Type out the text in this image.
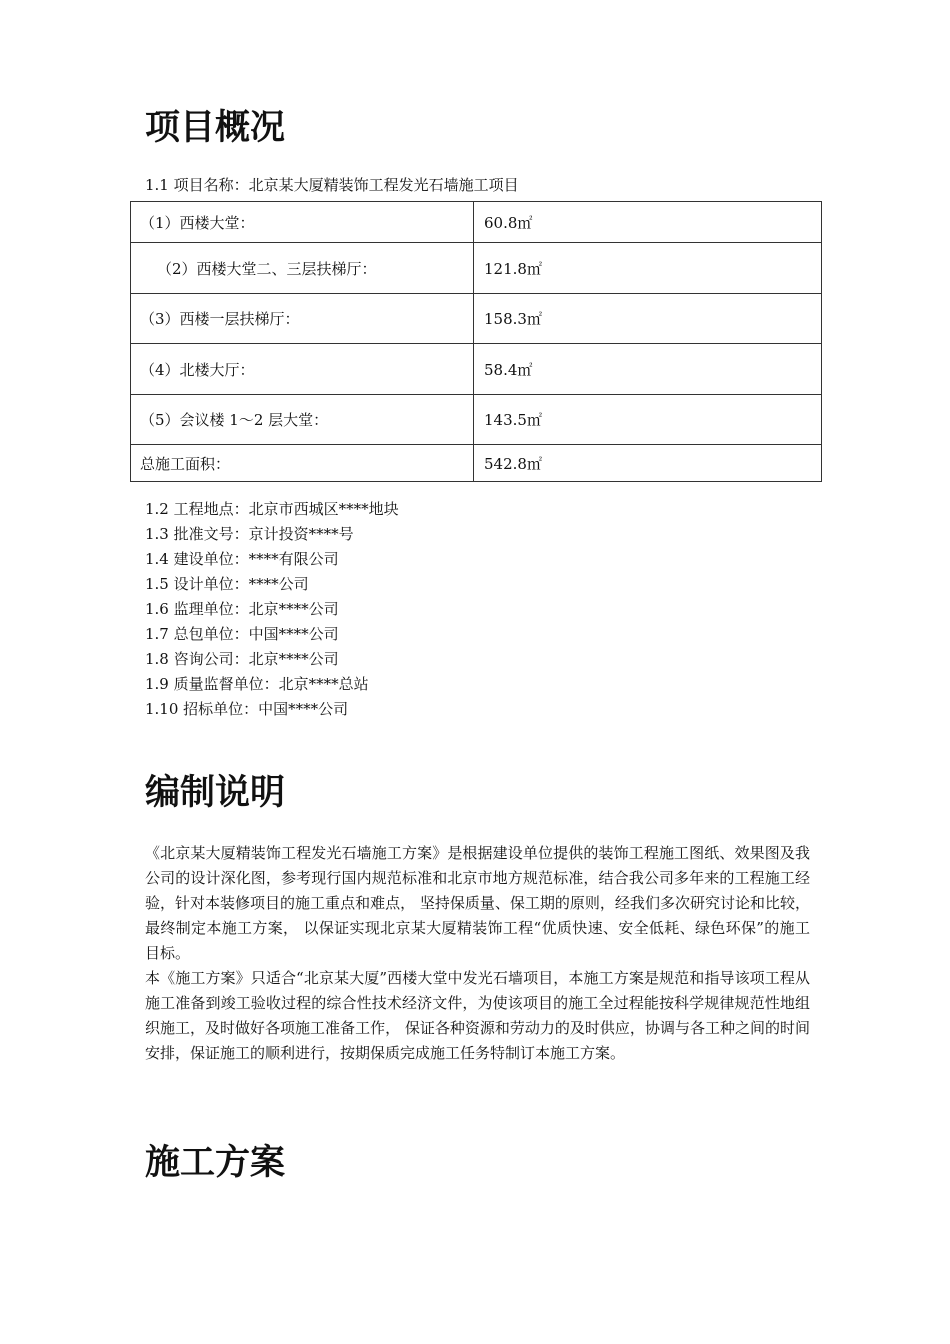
项目概况
1.1 项目名称：北京某大厦精装饰工程发光石墙施工项目
（1）西楼大堂：	60.8㎡
（2）西楼大堂二、三层扶梯厅：	121.8㎡
（3）西楼一层扶梯厅：	158.3㎡
（4）北楼大厅：	58.4㎡
（5）会议楼 1～2 层大堂：	143.5㎡
总施工面积：	542.8㎡
1.2 工程地点：北京市西城区****地块
1.3 批准文号：京计投资****号
1.4 建设单位：****有限公司
1.5 设计单位：****公司
1.6 监理单位：北京****公司
1.7 总包单位：中国****公司
1.8 咨询公司：北京****公司
1.9 质量监督单位：北京****总站
1.10 招标单位：中国****公司
编制说明

《北京某大厦精装饰工程发光石墙施工方案》是根据建设单位提供的装饰工程施工图纸、效果图及我公司的设计深化图，参考现行国内规范标准和北京市地方规范标准，结合我公司多年来的工程施工经验，针对本装修项目的施工重点和难点， 坚持保质量、保工期的原则，经我们多次研究讨论和比较，最终制定本施工方案， 以保证实现北京某大厦精装饰工程“优质快速、安全低耗、绿色环保”的施工目标。

本《施工方案》只适合“北京某大厦”西楼大堂中发光石墙项目，本施工方案是规范和指导该项工程从施工准备到竣工验收过程的综合性技术经济文件，为使该项目的施工全过程能按科学规律规范性地组织施工，及时做好各项施工准备工作， 保证各种资源和劳动力的及时供应，协调与各工种之间的时间安排，保证施工的顺利进行，按期保质完成施工任务特制订本施工方案。

施工方案
